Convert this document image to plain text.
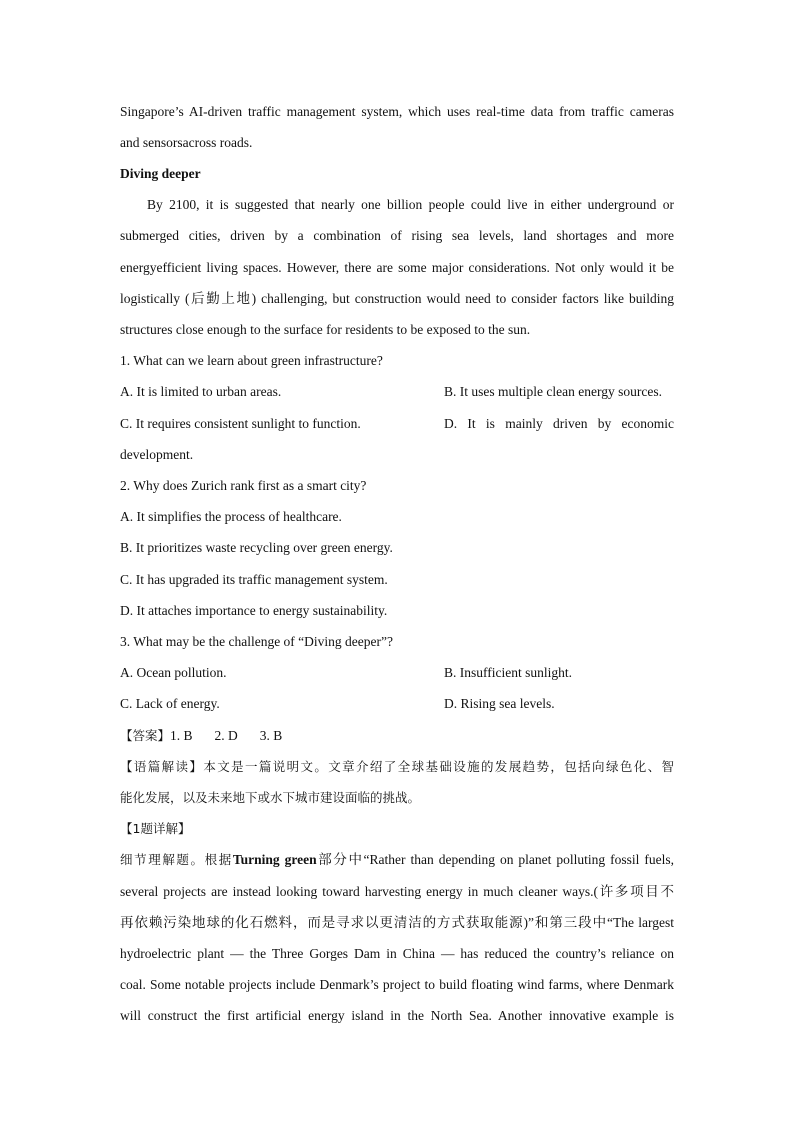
Singapore’s AI-driven traffic management system, which uses real-time data from traffic cameras
and sensorsacross roads.
Diving deeper
By 2100, it is suggested that nearly one billion people could live in either underground or
submerged cities, driven by a combination of rising sea levels, land shortages and more
energyefficient living spaces. However, there are some major considerations. Not only would it be
logistically (后勤上地) challenging, but construction would need to consider factors like building
structures close enough to the surface for residents to be exposed to the sun.
1. What can we learn about green infrastructure?
A. It is limited to urban areas.	B. It uses multiple clean energy sources.
C. It requires consistent sunlight to function.	D. It is mainly driven by economic
development.
2. Why does Zurich rank first as a smart city?
A. It simplifies the process of healthcare.
B. It prioritizes waste recycling over green energy.
C. It has upgraded its traffic management system.
D. It attaches importance to energy sustainability.
3. What may be the challenge of “Diving deeper”?
A. Ocean pollution.	B. Insufficient sunlight.
C. Lack of energy.	D. Rising sea levels.
【答案】1. B 2. D 3. B
【语篇解读】本文是一篇说明文。文章介绍了全球基础设施的发展趋势，包括向绿色化、智
能化发展，以及未来地下或水下城市建设面临的挑战。
【1题详解】
细节理解题。根据Turning green部分中“Rather than depending on planet polluting fossil fuels,
several projects are instead looking toward harvesting energy in much cleaner ways.(许多项目不
再依赖污染地球的化石燃料，而是寻求以更清洁的方式获取能源)”和第三段中“The largest
hydroelectric plant — the Three Gorges Dam in China — has reduced the country’s reliance on
coal. Some notable projects include Denmark’s project to build floating wind farms, where Denmark
will construct the first artificial energy island in the North Sea. Another innovative example is
